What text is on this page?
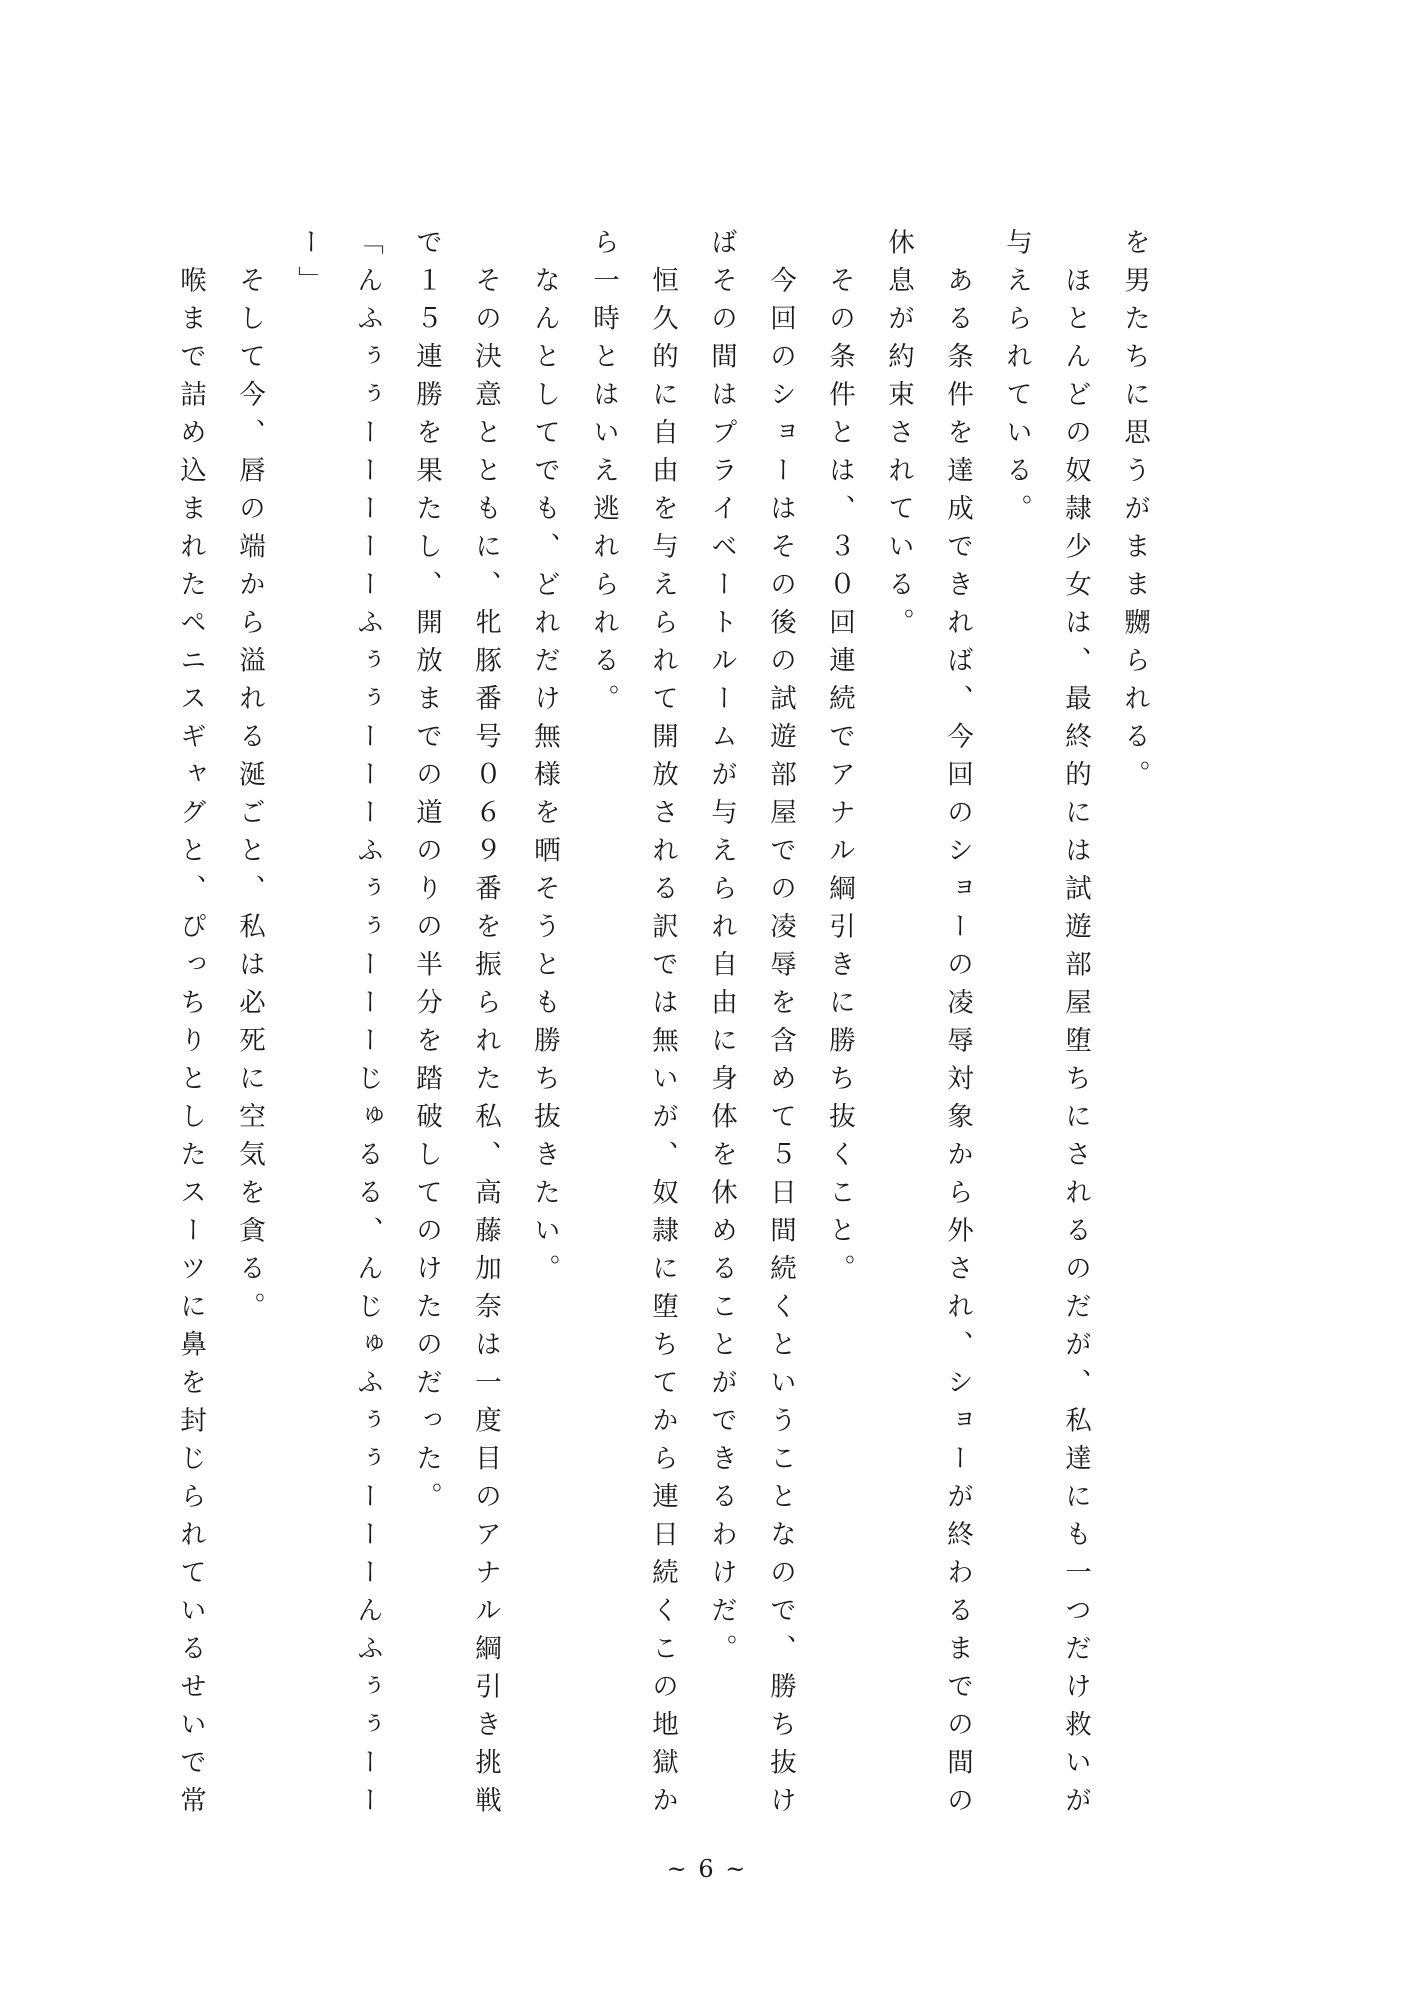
を男たちに思うがまま嬲られる。
　ほとんどの奴隷少女は、最終的には試遊部屋堕ちにされるのだが、私達にも一つだけ救いが
与えられている。
　ある条件を達成できれば、今回のショーの凌辱対象から外され、ショーが終わるまでの間の
休息が約束されている。
　その条件とは、３０回連続でアナル綱引きに勝ち抜くこと。
　今回のショーはその後の試遊部屋での凌辱を含めて５日間続くということなので、勝ち抜け
ばその間はプライベートルームが与えられ自由に身体を休めることができるわけだ。
　恒久的に自由を与えられて開放される訳では無いが、奴隷に堕ちてから連日続くこの地獄か
ら一時とはいえ逃れられる。
　なんとしてでも、どれだけ無様を晒そうとも勝ち抜きたい。
　その決意とともに、牝豚番号０６９番を振られた私、高藤加奈は一度目のアナル綱引き挑戦
で１５連勝を果たし、開放までの道のりの半分を踏破してのけたのだった。
「んふぅぅーーーーーふぅぅーーーふぅぅーーーじゅるる、んじゅふぅぅーーーんふぅぅーー
ー」
　そして今、唇の端から溢れる涎ごと、私は必死に空気を貪る。
　喉まで詰め込まれたペニスギャグと、ぴっちりとしたスーツに鼻を封じられているせいで常
~ 6 ~
